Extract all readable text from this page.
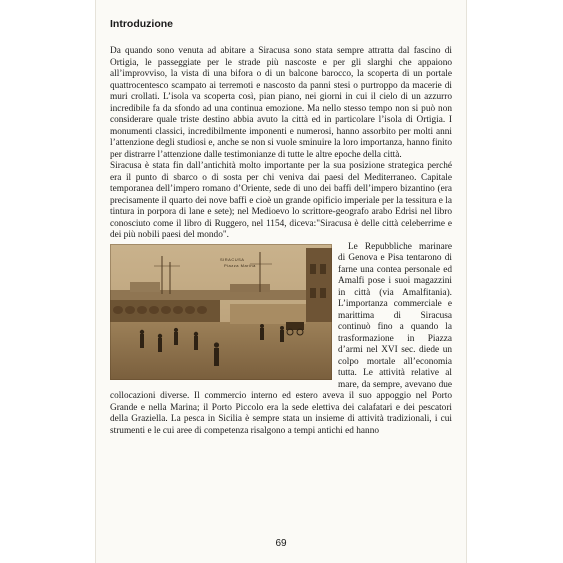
Introduzione

Da quando sono venuta ad abitare a Siracusa sono stata sempre attratta dal fascino di Ortigia, le passeggiate per le strade più nascoste e per gli slarghi che appaiono all’improvviso, la vista di una bifora o di un balcone barocco, la scoperta di un portale quattrocentesco scampato ai terremoti e nascosto da panni stesi o purtroppo da macerie di muri crollati. L’isola va scoperta così, pian piano, nei giorni in cui il cielo di un azzurro incredibile fa da sfondo ad una continua emozione. Ma nello stesso tempo non si può non considerare quale triste destino abbia avuto la città ed in particolare l’isola di Ortigia. I monumenti classici, incredibilmente imponenti e numerosi, hanno assorbito per molti anni l’attenzione degli studiosi e, anche se non si vuole sminuire la loro importanza, hanno finito per distrarre l’attenzione dalle testimonianze di tutte le altre epoche della città.

Siracusa è stata fin dall’antichità molto importante per la sua posizione strategica perché era il punto di sbarco o di sosta per chi veniva dai paesi del Mediterraneo. Capitale temporanea dell’impero romano d’Oriente, sede di uno dei baffi dell’impero bizantino (era precisamente il quarto dei nove baffi e cioè un grande opificio imperiale per la tessitura e la tintura in porpora di lane e sete); nel Medioevo lo scrittore-geografo arabo Edrisi nel libro conosciuto come il libro di Ruggero, nel 1154, diceva:"Siracusa è delle città celeberrime e dei più nobili paesi del mondo".

SIRACUSA
Piazza Marina
Le Repubbliche marinare di Genova e Pisa tentarono di farne una contea personale ed Amalfi pose i suoi magazzini in città (via Amalfitania). L’importanza commerciale e marittima di Siracusa continuò fino a quando la trasformazione in Piazza d’armi nel XVI sec. diede un colpo mortale all’economia tutta. Le attività relative al mare, da sempre, avevano due collocazioni diverse. Il commercio interno ed estero aveva il suo appoggio nel Porto Grande e nella Marina; il Porto Piccolo era la sede elettiva dei calafatari e dei pescatori della Graziella. La pesca in Sicilia è sempre stata un insieme di attività tradizionali, i cui strumenti e le cui aree di competenza risalgono a tempi antichi ed hanno

69
